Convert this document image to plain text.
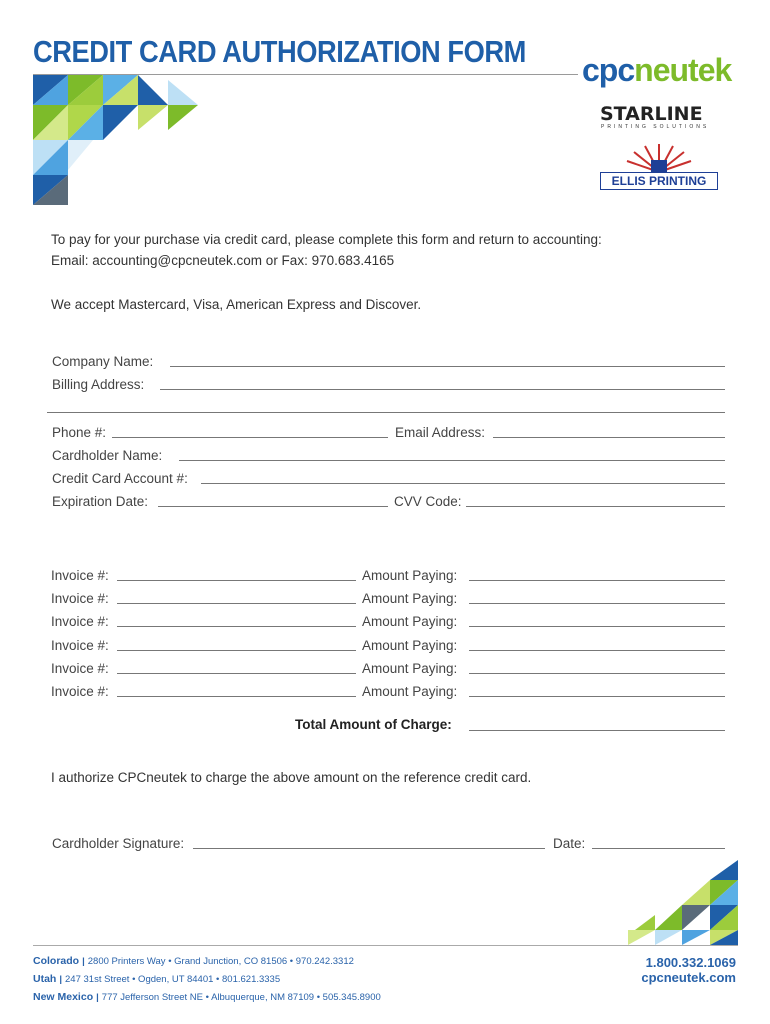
CREDIT CARD AUTHORIZATION FORM
cpcneutek
STARLINE
PRINTING SOLUTIONS
ELLIS PRINTING
To pay for your purchase via credit card, please complete this form and return to accounting:
Email: accounting@cpcneutek.com or Fax: 970.683.4165
We accept Mastercard, Visa, American Express and Discover.
Company Name:
Billing Address:
Phone #:	Email Address:
Cardholder Name:
Credit Card Account #:
Expiration Date:	CVV Code:
Invoice #:	Amount Paying:
Invoice #:	Amount Paying:
Invoice #:	Amount Paying:
Invoice #:	Amount Paying:
Invoice #:	Amount Paying:
Invoice #:	Amount Paying:
Total Amount of Charge:
I authorize CPCneutek to charge the above amount on the reference credit card.
Cardholder Signature:	Date:
Colorado | 2800 Printers Way • Grand Junction, CO 81506 • 970.242.3312
Utah | 247 31st Street • Ogden, UT 84401 • 801.621.3335
New Mexico | 777 Jefferson Street NE • Albuquerque, NM 87109 • 505.345.8900
1.800.332.1069
cpcneutek.com
